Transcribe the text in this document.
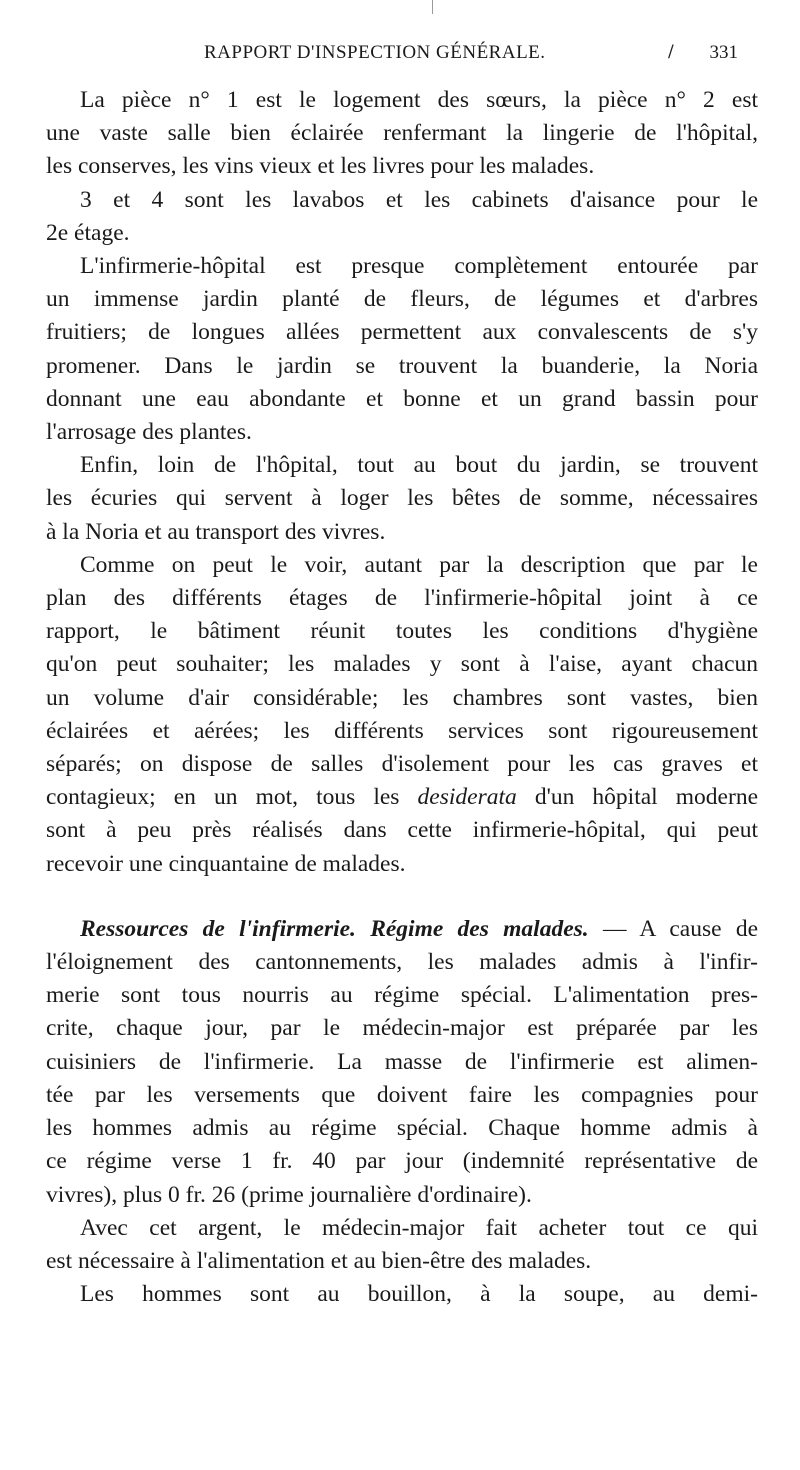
RAPPORT D'INSPECTION GÉNÉRALE.	/ 331
La pièce n° 1 est le logement des sœurs, la pièce n° 2 est
une vaste salle bien éclairée renfermant la lingerie de l'hôpital,
les conserves, les vins vieux et les livres pour les malades.
3 et 4 sont les lavabos et les cabinets d'aisance pour le
2e étage.
L'infirmerie-hôpital est presque complètement entourée par
un immense jardin planté de fleurs, de légumes et d'arbres
fruitiers; de longues allées permettent aux convalescents de s'y
promener. Dans le jardin se trouvent la buanderie, la Noria
donnant une eau abondante et bonne et un grand bassin pour
l'arrosage des plantes.
Enfin, loin de l'hôpital, tout au bout du jardin, se trouvent
les écuries qui servent à loger les bêtes de somme, nécessaires
à la Noria et au transport des vivres.
Comme on peut le voir, autant par la description que par le
plan des différents étages de l'infirmerie-hôpital joint à ce
rapport, le bâtiment réunit toutes les conditions d'hygiène
qu'on peut souhaiter; les malades y sont à l'aise, ayant chacun
un volume d'air considérable; les chambres sont vastes, bien
éclairées et aérées; les différents services sont rigoureusement
séparés; on dispose de salles d'isolement pour les cas graves et
contagieux; en un mot, tous les desiderata d'un hôpital moderne
sont à peu près réalisés dans cette infirmerie-hôpital, qui peut
recevoir une cinquantaine de malades.
Ressources de l'infirmerie. Régime des malades. — A cause de
l'éloignement des cantonnements, les malades admis à l'infir-
merie sont tous nourris au régime spécial. L'alimentation pres-
crite, chaque jour, par le médecin-major est préparée par les
cuisiniers de l'infirmerie. La masse de l'infirmerie est alimen-
tée par les versements que doivent faire les compagnies pour
les hommes admis au régime spécial. Chaque homme admis à
ce régime verse 1 fr. 40 par jour (indemnité représentative de
vivres), plus 0 fr. 26 (prime journalière d'ordinaire).
Avec cet argent, le médecin-major fait acheter tout ce qui
est nécessaire à l'alimentation et au bien-être des malades.
Les hommes sont au bouillon, à la soupe, au demi-
